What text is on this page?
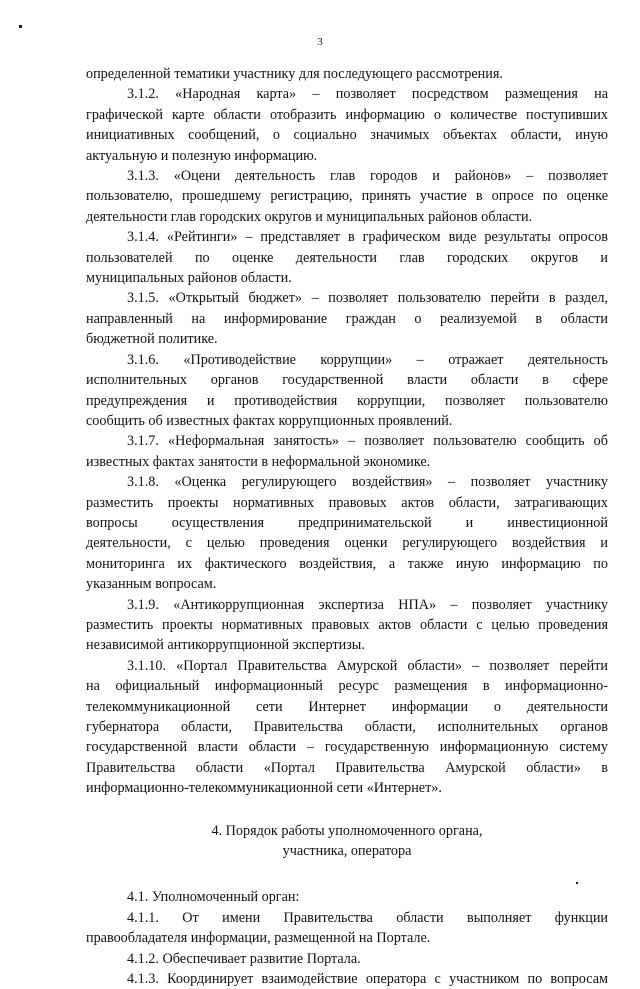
3
определенной тематики участнику для последующего рассмотрения.
3.1.2. «Народная карта» – позволяет посредством размещения на
графической карте области отобразить информацию о количестве поступивших
инициативных сообщений, о социально значимых объектах области, иную
актуальную и полезную информацию.
3.1.3. «Оцени деятельность глав городов и районов» – позволяет
пользователю, прошедшему регистрацию, принять участие в опросе по оценке
деятельности глав городских округов и муниципальных районов области.
3.1.4. «Рейтинги» – представляет в графическом виде результаты опросов
пользователей по оценке деятельности глав городских округов и
муниципальных районов области.
3.1.5. «Открытый бюджет» – позволяет пользователю перейти в раздел,
направленный на информирование граждан о реализуемой в области
бюджетной политике.
3.1.6. «Противодействие коррупции» – отражает деятельность
исполнительных органов государственной власти области в сфере
предупреждения и противодействия коррупции, позволяет пользователю
сообщить об известных фактах коррупционных проявлений.
3.1.7. «Неформальная занятость» – позволяет пользователю сообщить об
известных фактах занятости в неформальной экономике.
3.1.8. «Оценка регулирующего воздействия» – позволяет участнику
разместить проекты нормативных правовых актов области, затрагивающих
вопросы осуществления предпринимательской и инвестиционной
деятельности, с целью проведения оценки регулирующего воздействия и
мониторинга их фактического воздействия, а также иную информацию по
указанным вопросам.
3.1.9. «Антикоррупционная экспертиза НПА» – позволяет участнику
разместить проекты нормативных правовых актов области с целью проведения
независимой антикоррупционной экспертизы.
3.1.10. «Портал Правительства Амурской области» – позволяет перейти
на официальный информационный ресурс размещения в информационно-
телекоммуникационной сети Интернет информации о деятельности
губернатора области, Правительства области, исполнительных органов
государственной власти области – государственную информационную систему
Правительства области «Портал Правительства Амурской области» в
информационно-телекоммуникационной сети «Интернет».
4. Порядок работы уполномоченного органа,
участника, оператора
4.1. Уполномоченный орган:
4.1.1. От имени Правительства области выполняет функции
правообладателя информации, размещенной на Портале.
4.1.2. Обеспечивает развитие Портала.
4.1.3. Координирует взаимодействие оператора с участником по вопросам
